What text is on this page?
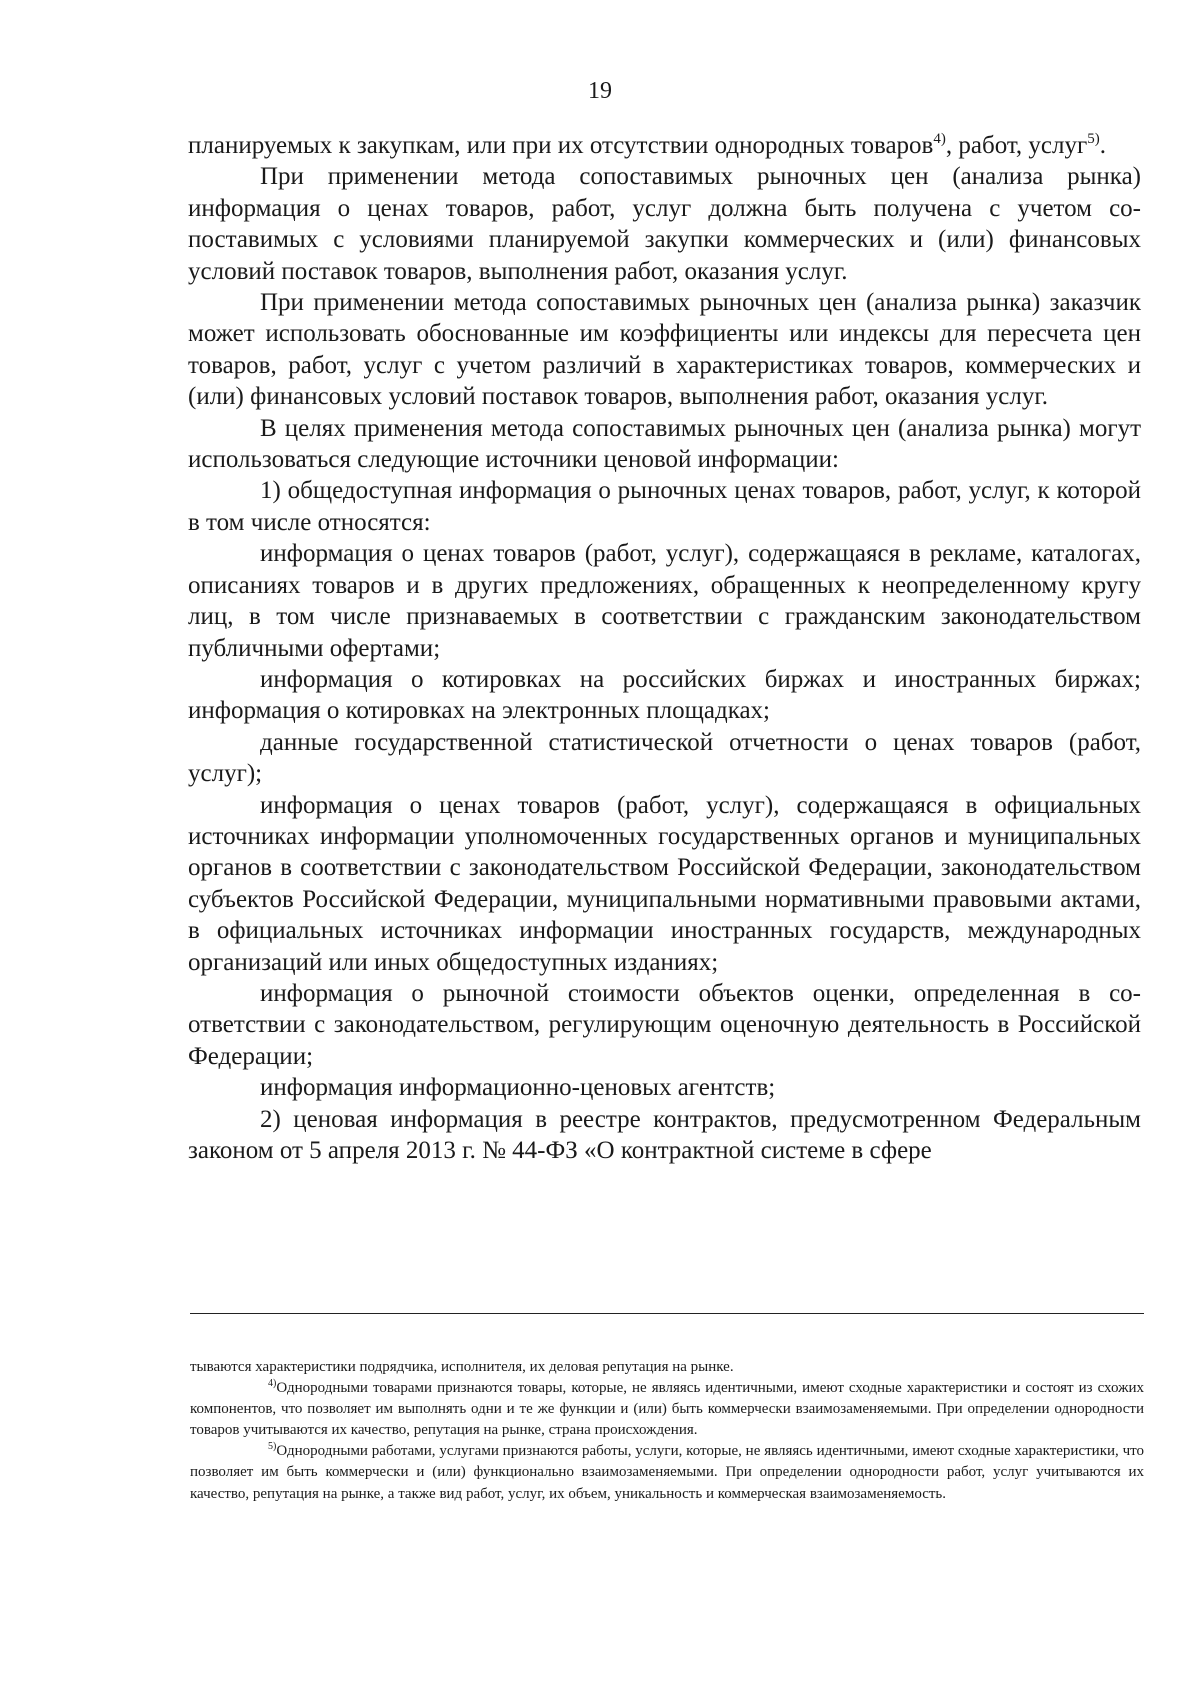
19

планируемых к закупкам, или при их отсутствии однородных товаров$^{4)}$, работ, услуг$^{5)}$.

При применении метода сопоставимых рыночных цен (анализа рынка) информация о ценах товаров, работ, услуг должна быть получена с учетом сопоставимых с условиями планируемой закупки коммерческих и (или) финансовых условий поставок товаров, выполнения работ, оказания услуг.

При применении метода сопоставимых рыночных цен (анализа рынка) заказчик может использовать обоснованные им коэффициенты или индексы для пересчета цен товаров, работ, услуг с учетом различий в характеристиках товаров, коммерческих и (или) финансовых условий поставок товаров, выполнения работ, оказания услуг.

В целях применения метода сопоставимых рыночных цен (анализа рынка) могут использоваться следующие источники ценовой информации:

1) общедоступная информация о рыночных ценах товаров, работ, услуг, к которой в том числе относятся:

информация о ценах товаров (работ, услуг), содержащаяся в рекламе, каталогах, описаниях товаров и в других предложениях, обращенных к неопределенному кругу лиц, в том числе признаваемых в соответствии с гражданским законодательством публичными офертами;

информация о котировках на российских биржах и иностранных биржах; информация о котировках на электронных площадках;

данные государственной статистической отчетности о ценах товаров (работ, услуг);

информация о ценах товаров (работ, услуг), содержащаяся в официальных источниках информации уполномоченных государственных органов и муниципальных органов в соответствии с законодательством Российской Федерации, законодательством субъектов Российской Федерации, муниципальными нормативными правовыми актами, в официальных источниках информации иностранных государств, международных организаций или иных общедоступных изданиях;

информация о рыночной стоимости объектов оценки, определенная в соответствии с законодательством, регулирующим оценочную деятельность в Российской Федерации;

информация информационно-ценовых агентств;

2) ценовая информация в реестре контрактов, предусмотренном Федеральным законом от 5 апреля 2013 г. № 44-ФЗ «О контрактной системе в сфере

тываются характеристики подрядчика, исполнителя, их деловая репутация на рынке.

$^{4)}$Однородными товарами признаются товары, которые, не являясь идентичными, имеют сходные характеристики и состоят из схожих компонентов, что позволяет им выполнять одни и те же функции и (или) быть коммерчески взаимозаменяемыми. При определении однородности товаров учитываются их качество, репутация на рынке, страна происхождения.

$^{5)}$Однородными работами, услугами признаются работы, услуги, которые, не являясь идентичными, имеют сходные характеристики, что позволяет им быть коммерчески и (или) функционально взаимозаменяемыми. При определении однородности работ, услуг учитываются их качество, репутация на рынке, а также вид работ, услуг, их объем, уникальность и коммерческая взаимозаменяемость.
